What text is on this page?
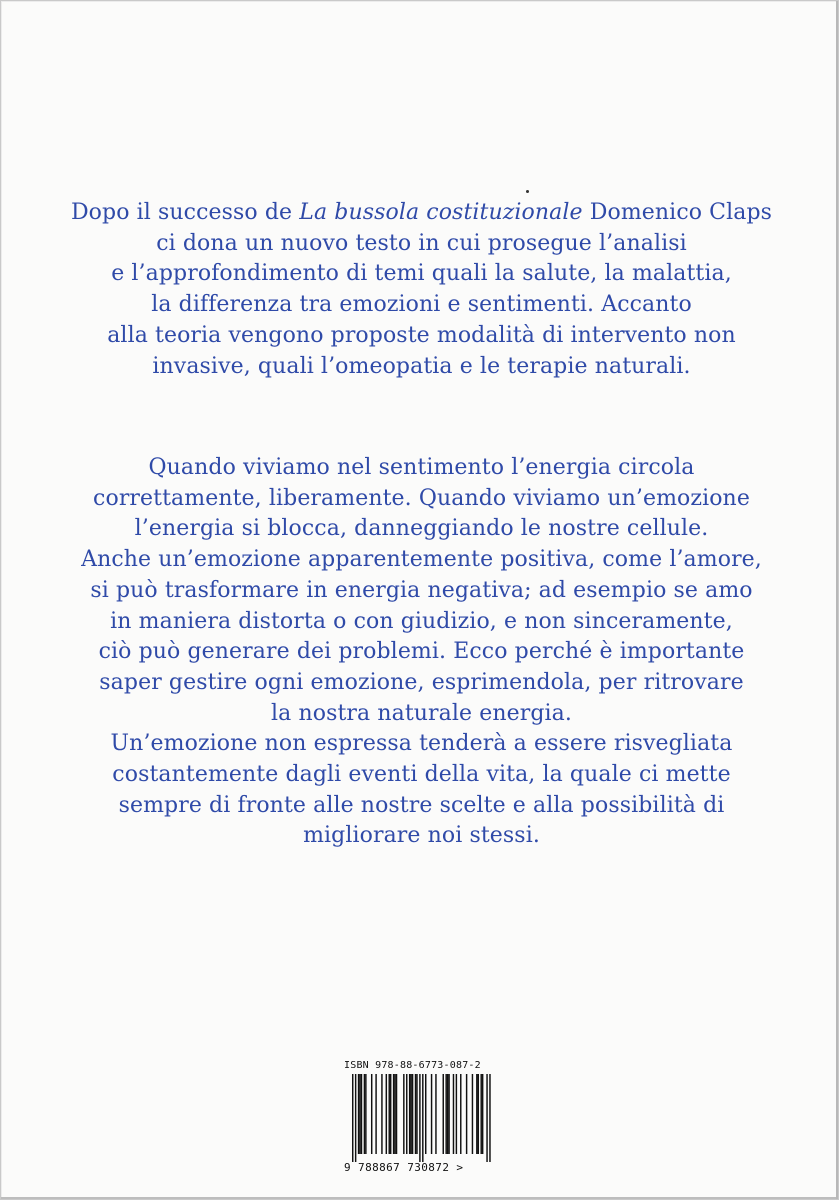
Dopo il successo de La bussola costituzionale Domenico Claps
ci dona un nuovo testo in cui prosegue l’analisi
e l’approfondimento di temi quali la salute, la malattia,
la differenza tra emozioni e sentimenti. Accanto
alla teoria vengono proposte modalità di intervento non
invasive, quali l’omeopatia e le terapie naturali.

Quando viviamo nel sentimento l’energia circola
correttamente, liberamente. Quando viviamo un’emozione
l’energia si blocca, danneggiando le nostre cellule.
Anche un’emozione apparentemente positiva, come l’amore,
si può trasformare in energia negativa; ad esempio se amo
in maniera distorta o con giudizio, e non sinceramente,
ciò può generare dei problemi. Ecco perché è importante
saper gestire ogni emozione, esprimendola, per ritrovare
la nostra naturale energia.
Un’emozione non espressa tenderà a essere risvegliata
costantemente dagli eventi della vita, la quale ci mette
sempre di fronte alle nostre scelte e alla possibilità di
migliorare noi stessi.

ISBN 978-88-6773-087-2
9 788867 730872 >
